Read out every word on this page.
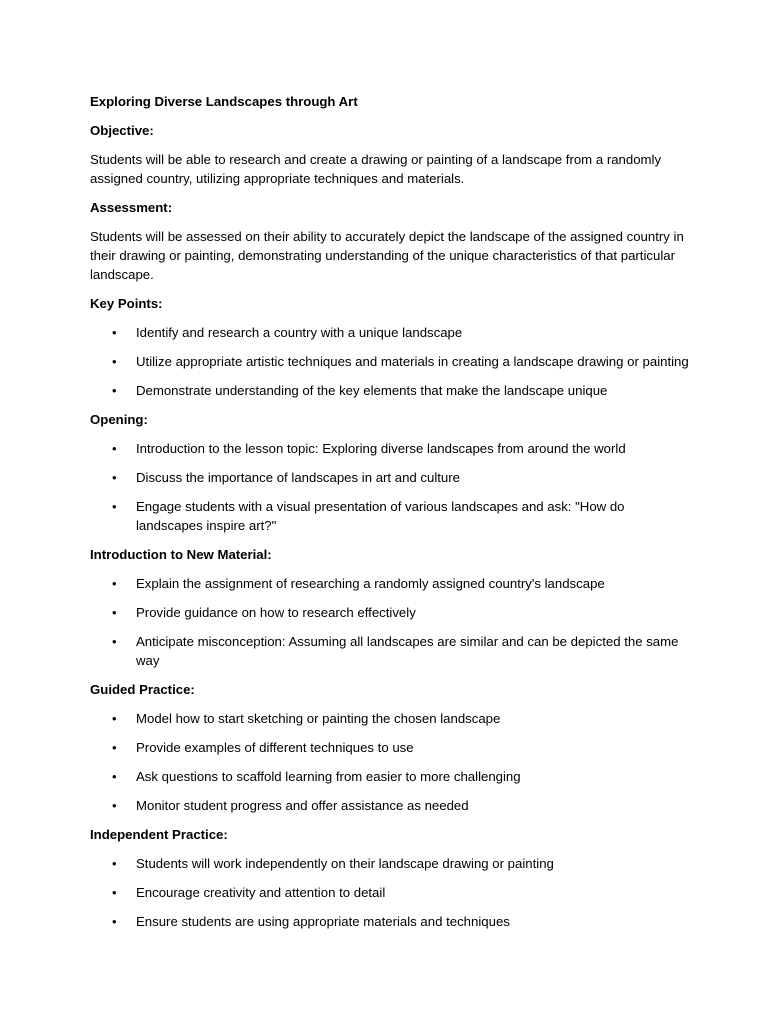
Exploring Diverse Landscapes through Art
Objective:
Students will be able to research and create a drawing or painting of a landscape from a randomly assigned country, utilizing appropriate techniques and materials.
Assessment:
Students will be assessed on their ability to accurately depict the landscape of the assigned country in their drawing or painting, demonstrating understanding of the unique characteristics of that particular landscape.
Key Points:
• Identify and research a country with a unique landscape
• Utilize appropriate artistic techniques and materials in creating a landscape drawing or painting
• Demonstrate understanding of the key elements that make the landscape unique
Opening:
• Introduction to the lesson topic: Exploring diverse landscapes from around the world
• Discuss the importance of landscapes in art and culture
• Engage students with a visual presentation of various landscapes and ask: "How do landscapes inspire art?"
Introduction to New Material:
• Explain the assignment of researching a randomly assigned country's landscape
• Provide guidance on how to research effectively
• Anticipate misconception: Assuming all landscapes are similar and can be depicted the same way
Guided Practice:
• Model how to start sketching or painting the chosen landscape
• Provide examples of different techniques to use
• Ask questions to scaffold learning from easier to more challenging
• Monitor student progress and offer assistance as needed
Independent Practice:
• Students will work independently on their landscape drawing or painting
• Encourage creativity and attention to detail
• Ensure students are using appropriate materials and techniques
